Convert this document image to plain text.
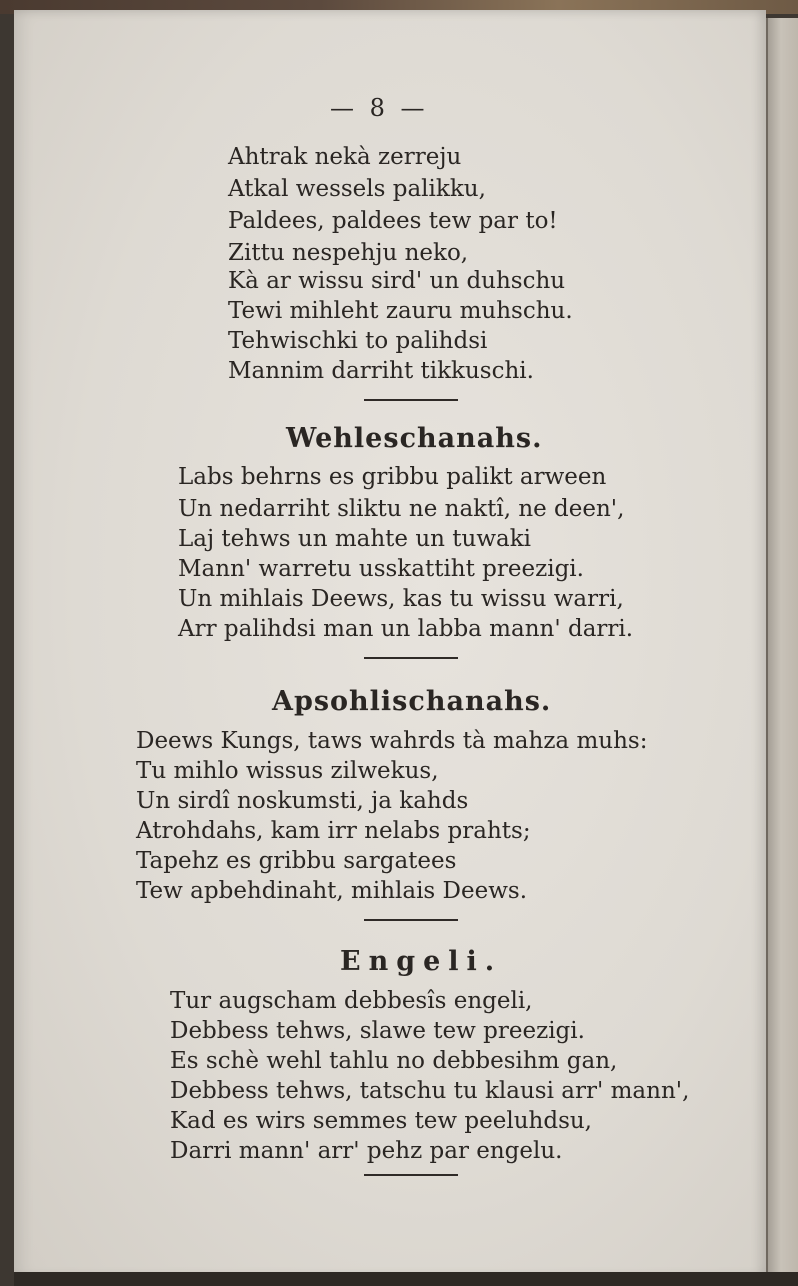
— 8 —
Ahtrak nekà zerreju
Atkal wessels palikku,
Paldees, paldees tew par to!
Zittu nespehju neko,
Kà ar wissu sird' un duhschu
Tewi mihleht zauru muhschu.
Tehwischki to palihdsi
Mannim darriht tikkuschi.
Wehleschanahs.
Labs behrns es gribbu palikt arween
Un nedarriht sliktu ne naktî, ne deen',
Laj tehws un mahte un tuwaki
Mann' warretu usskattiht preezigi.
Un mihlais Deews, kas tu wissu warri,
Arr palihdsi man un labba mann' darri.
Apsohlischanahs.
Deews Kungs, taws wahrds tà mahza muhs:
Tu mihlo wissus zilwekus,
Un sirdî noskumsti, ja kahds
Atrohdahs, kam irr nelabs prahts;
Tapehz es gribbu sargatees
Tew apbehdinaht, mihlais Deews.
Engeli.
Tur augscham debbesîs engeli,
Debbess tehws, slawe tew preezigi.
Es schè wehl tahlu no debbesihm gan,
Debbess tehws, tatschu tu klausi arr' mann',
Kad es wirs semmes tew peeluhdsu,
Darri mann' arr' pehz par engelu.
